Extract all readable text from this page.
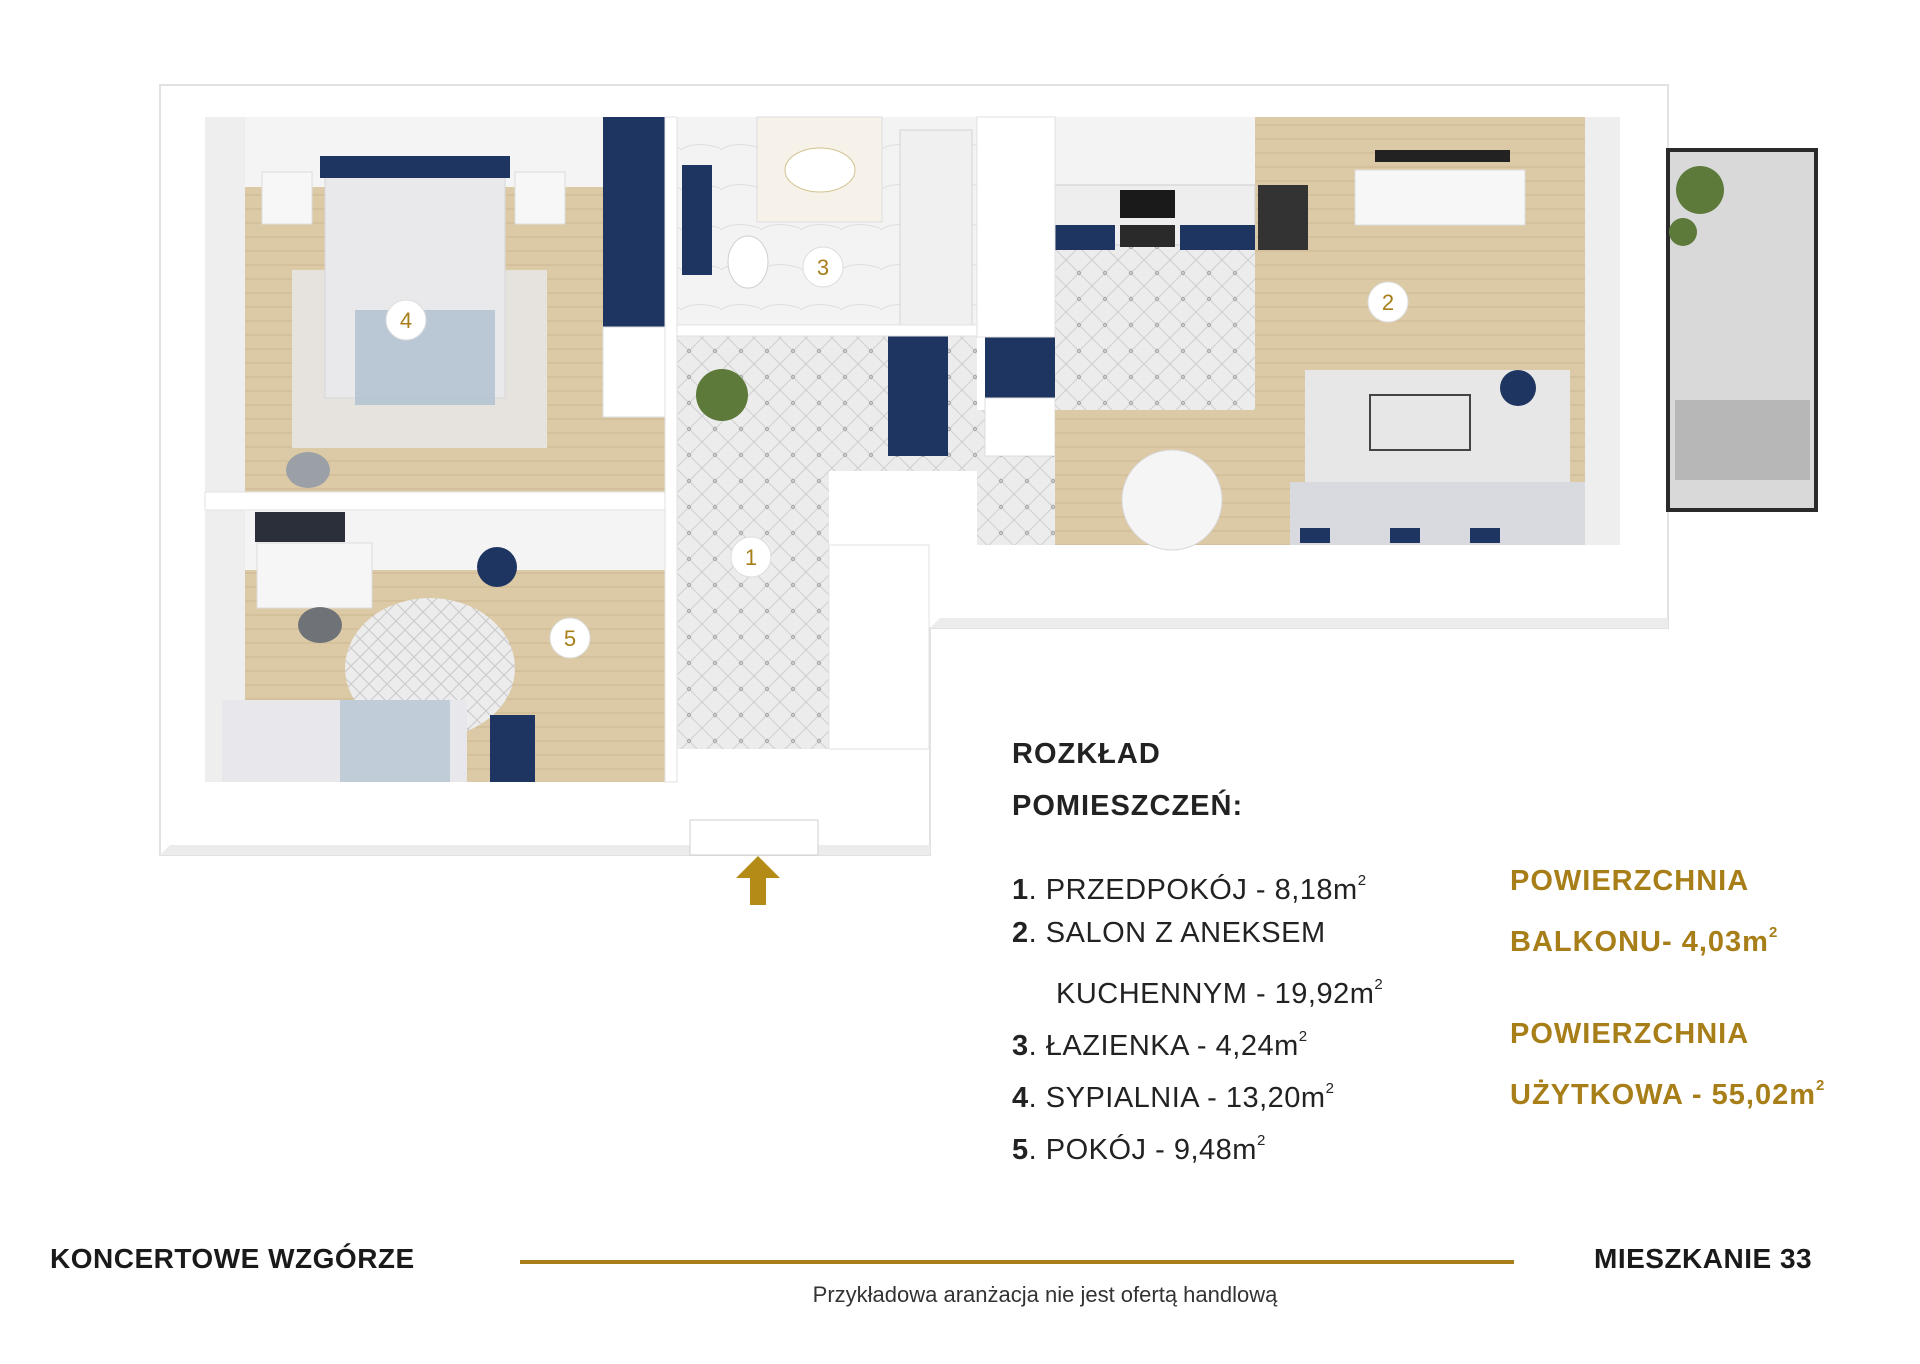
1
2
3
4
5
ROZKŁAD
POMIESZCZEŃ:
1. PRZEDPOKÓJ - $8,18m^2$
2. SALON Z ANEKSEM
KUCHENNYM - $19,92m^2$
3. ŁAZIENKA - $4,24m^2$
4. SYPIALNIA - $13,20m^2$
5. POKÓJ - $9,48m^2$
POWIERZCHNIA
BALKONU- $4,03m^2$
POWIERZCHNIA
UŻYTKOWA - $55,02m^2$
KONCERTOWE WZGÓRZE	MIESZKANIE 33
Przykładowa aranżacja nie jest ofertą handlową
